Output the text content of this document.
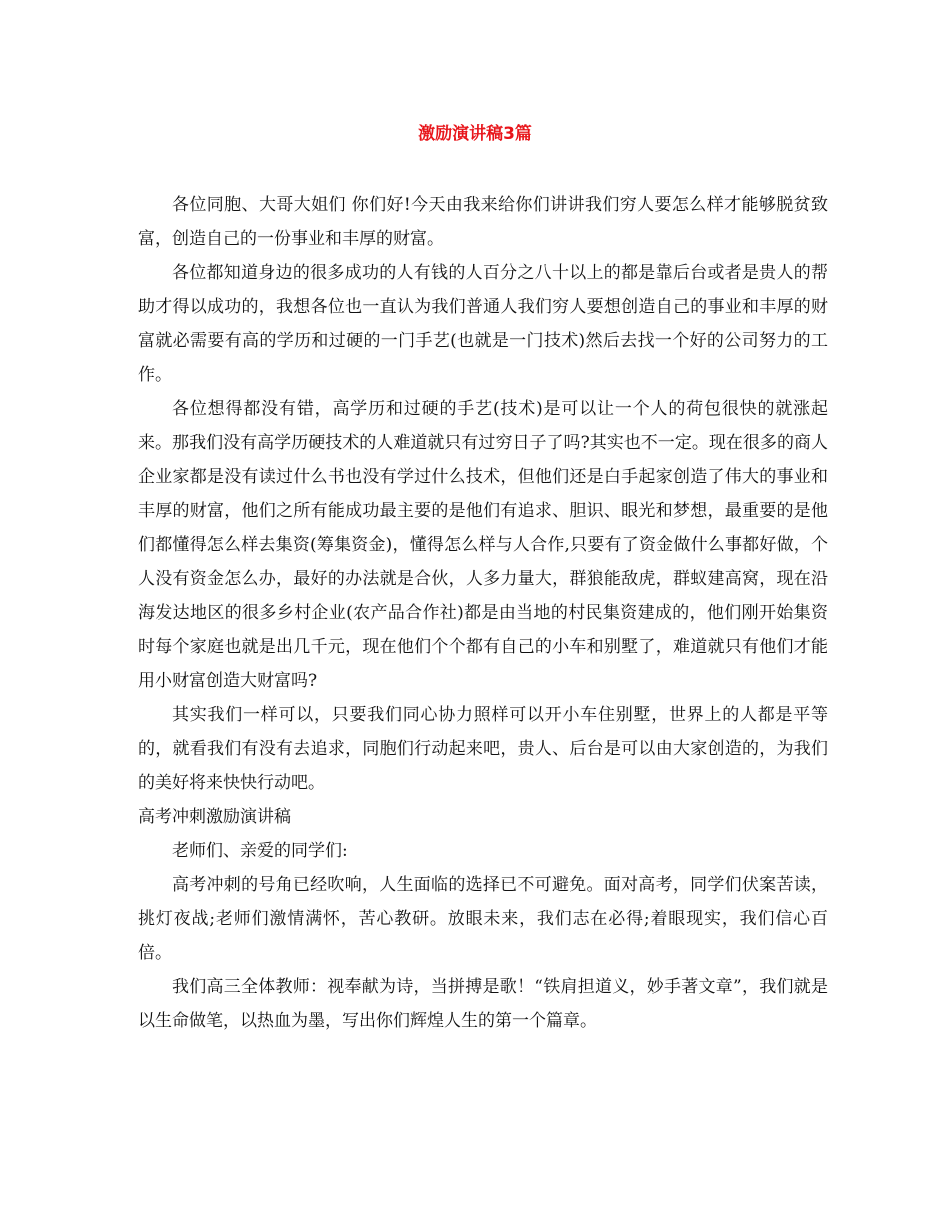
激励演讲稿3篇

各位同胞、大哥大姐们 你们好!今天由我来给你们讲讲我们穷人要怎么样才能够脱贫致富，创造自己的一份事业和丰厚的财富。

各位都知道身边的很多成功的人有钱的人百分之八十以上的都是靠后台或者是贵人的帮助才得以成功的，我想各位也一直认为我们普通人我们穷人要想创造自己的事业和丰厚的财富就必需要有高的学历和过硬的一门手艺(也就是一门技术)然后去找一个好的公司努力的工作。

各位想得都没有错，高学历和过硬的手艺(技术)是可以让一个人的荷包很快的就涨起来。那我们没有高学历硬技术的人难道就只有过穷日子了吗?其实也不一定。现在很多的商人企业家都是没有读过什么书也没有学过什么技术，但他们还是白手起家创造了伟大的事业和丰厚的财富，他们之所有能成功最主要的是他们有追求、胆识、眼光和梦想，最重要的是他们都懂得怎么样去集资(筹集资金)，懂得怎么样与人合作,只要有了资金做什么事都好做，个人没有资金怎么办，最好的办法就是合伙，人多力量大，群狼能敌虎，群蚁建高窝，现在沿海发达地区的很多乡村企业(农产品合作社)都是由当地的村民集资建成的，他们刚开始集资时每个家庭也就是出几千元，现在他们个个都有自己的小车和别墅了，难道就只有他们才能用小财富创造大财富吗?

其实我们一样可以，只要我们同心协力照样可以开小车住别墅，世界上的人都是平等的，就看我们有没有去追求，同胞们行动起来吧，贵人、后台是可以由大家创造的，为我们的美好将来快快行动吧。

高考冲刺激励演讲稿

老师们、亲爱的同学们:

高考冲刺的号角已经吹响，人生面临的选择已不可避免。面对高考，同学们伏案苦读，挑灯夜战;老师们激情满怀，苦心教研。放眼未来，我们志在必得;着眼现实，我们信心百倍。

我们高三全体教师：视奉献为诗，当拼搏是歌！“铁肩担道义，妙手著文章”，我们就是以生命做笔，以热血为墨，写出你们辉煌人生的第一个篇章。
